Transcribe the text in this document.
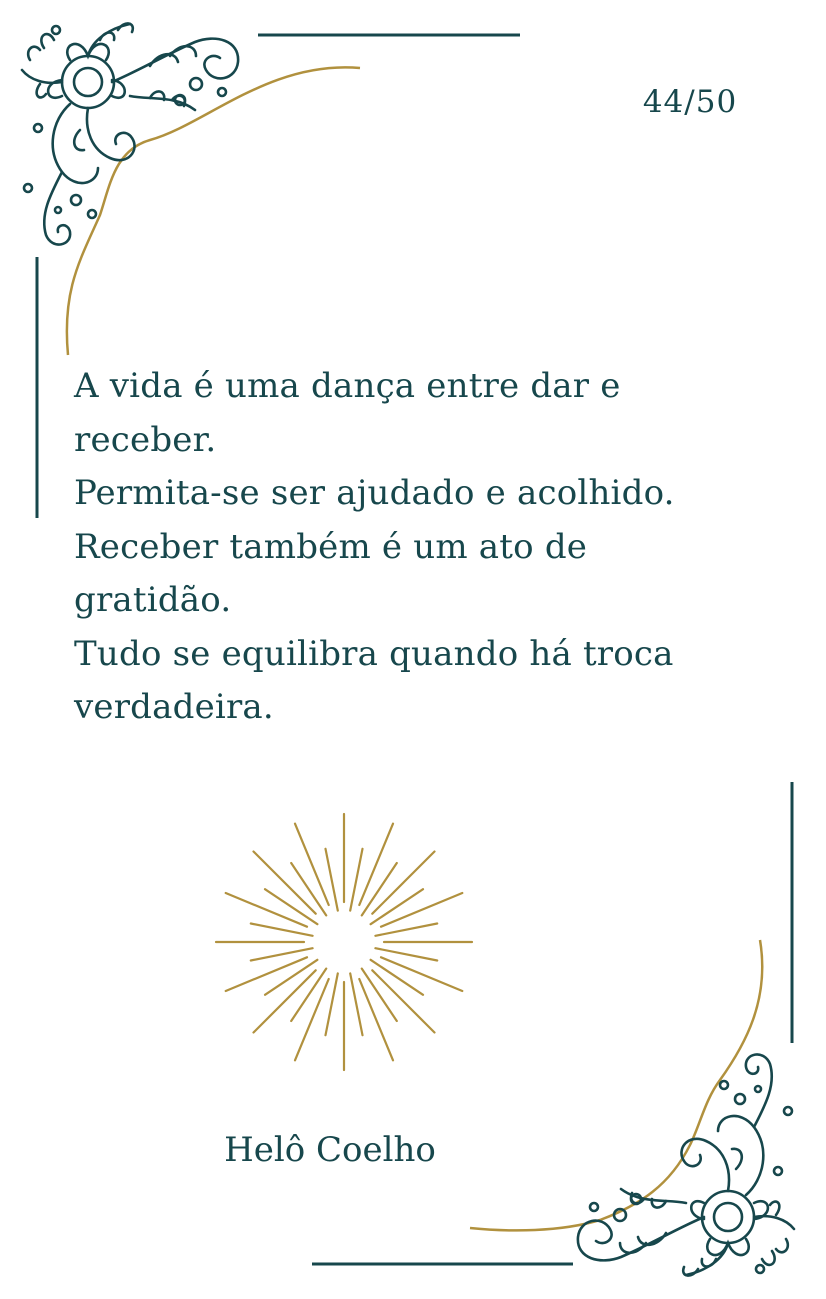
44/50
A vida é uma dança entre dar e
receber.
Permita-se ser ajudado e acolhido.
Receber também é um ato de
gratidão.
Tudo se equilibra quando há troca
verdadeira.
Helô Coelho
